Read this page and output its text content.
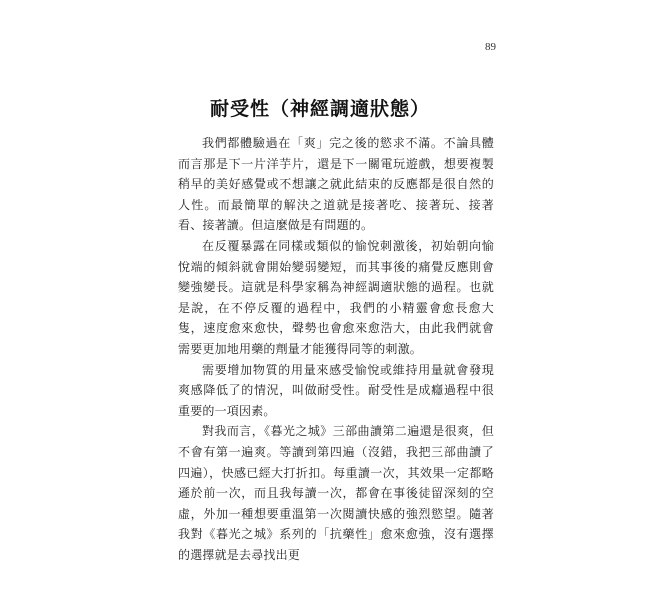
89
耐受性（神經調適狀態）

我們都體驗過在「爽」完之後的慾求不滿。不論具體而言那是下一片洋芋片，還是下一關電玩遊戲，想要複製稍早的美好感覺或不想讓之就此結束的反應都是很自然的人性。而最簡單的解決之道就是接著吃、接著玩、接著看、接著讀。但這麼做是有問題的。

在反覆暴露在同樣或類似的愉悅刺激後，初始朝向愉悅端的傾斜就會開始變弱變短，而其事後的痛覺反應則會變強變長。這就是科學家稱為神經調適狀態的過程。也就是說，在不停反覆的過程中，我們的小精靈會愈長愈大隻，速度愈來愈快，聲勢也會愈來愈浩大，由此我們就會需要更加地用藥的劑量才能獲得同等的刺激。

需要增加物質的用量來感受愉悅或維持用量就會發現爽感降低了的情況，叫做耐受性。耐受性是成癮過程中很重要的一項因素。

對我而言，《暮光之城》三部曲讀第二遍還是很爽，但不會有第一遍爽。等讀到第四遍（沒錯，我把三部曲讀了四遍），快感已經大打折扣。每重讀一次，其效果一定都略遜於前一次，而且我每讀一次，都會在事後徒留深刻的空虛，外加一種想要重溫第一次閱讀快感的強烈慾望。隨著我對《暮光之城》系列的「抗藥性」愈來愈強，沒有選擇的選擇就是去尋找出更
